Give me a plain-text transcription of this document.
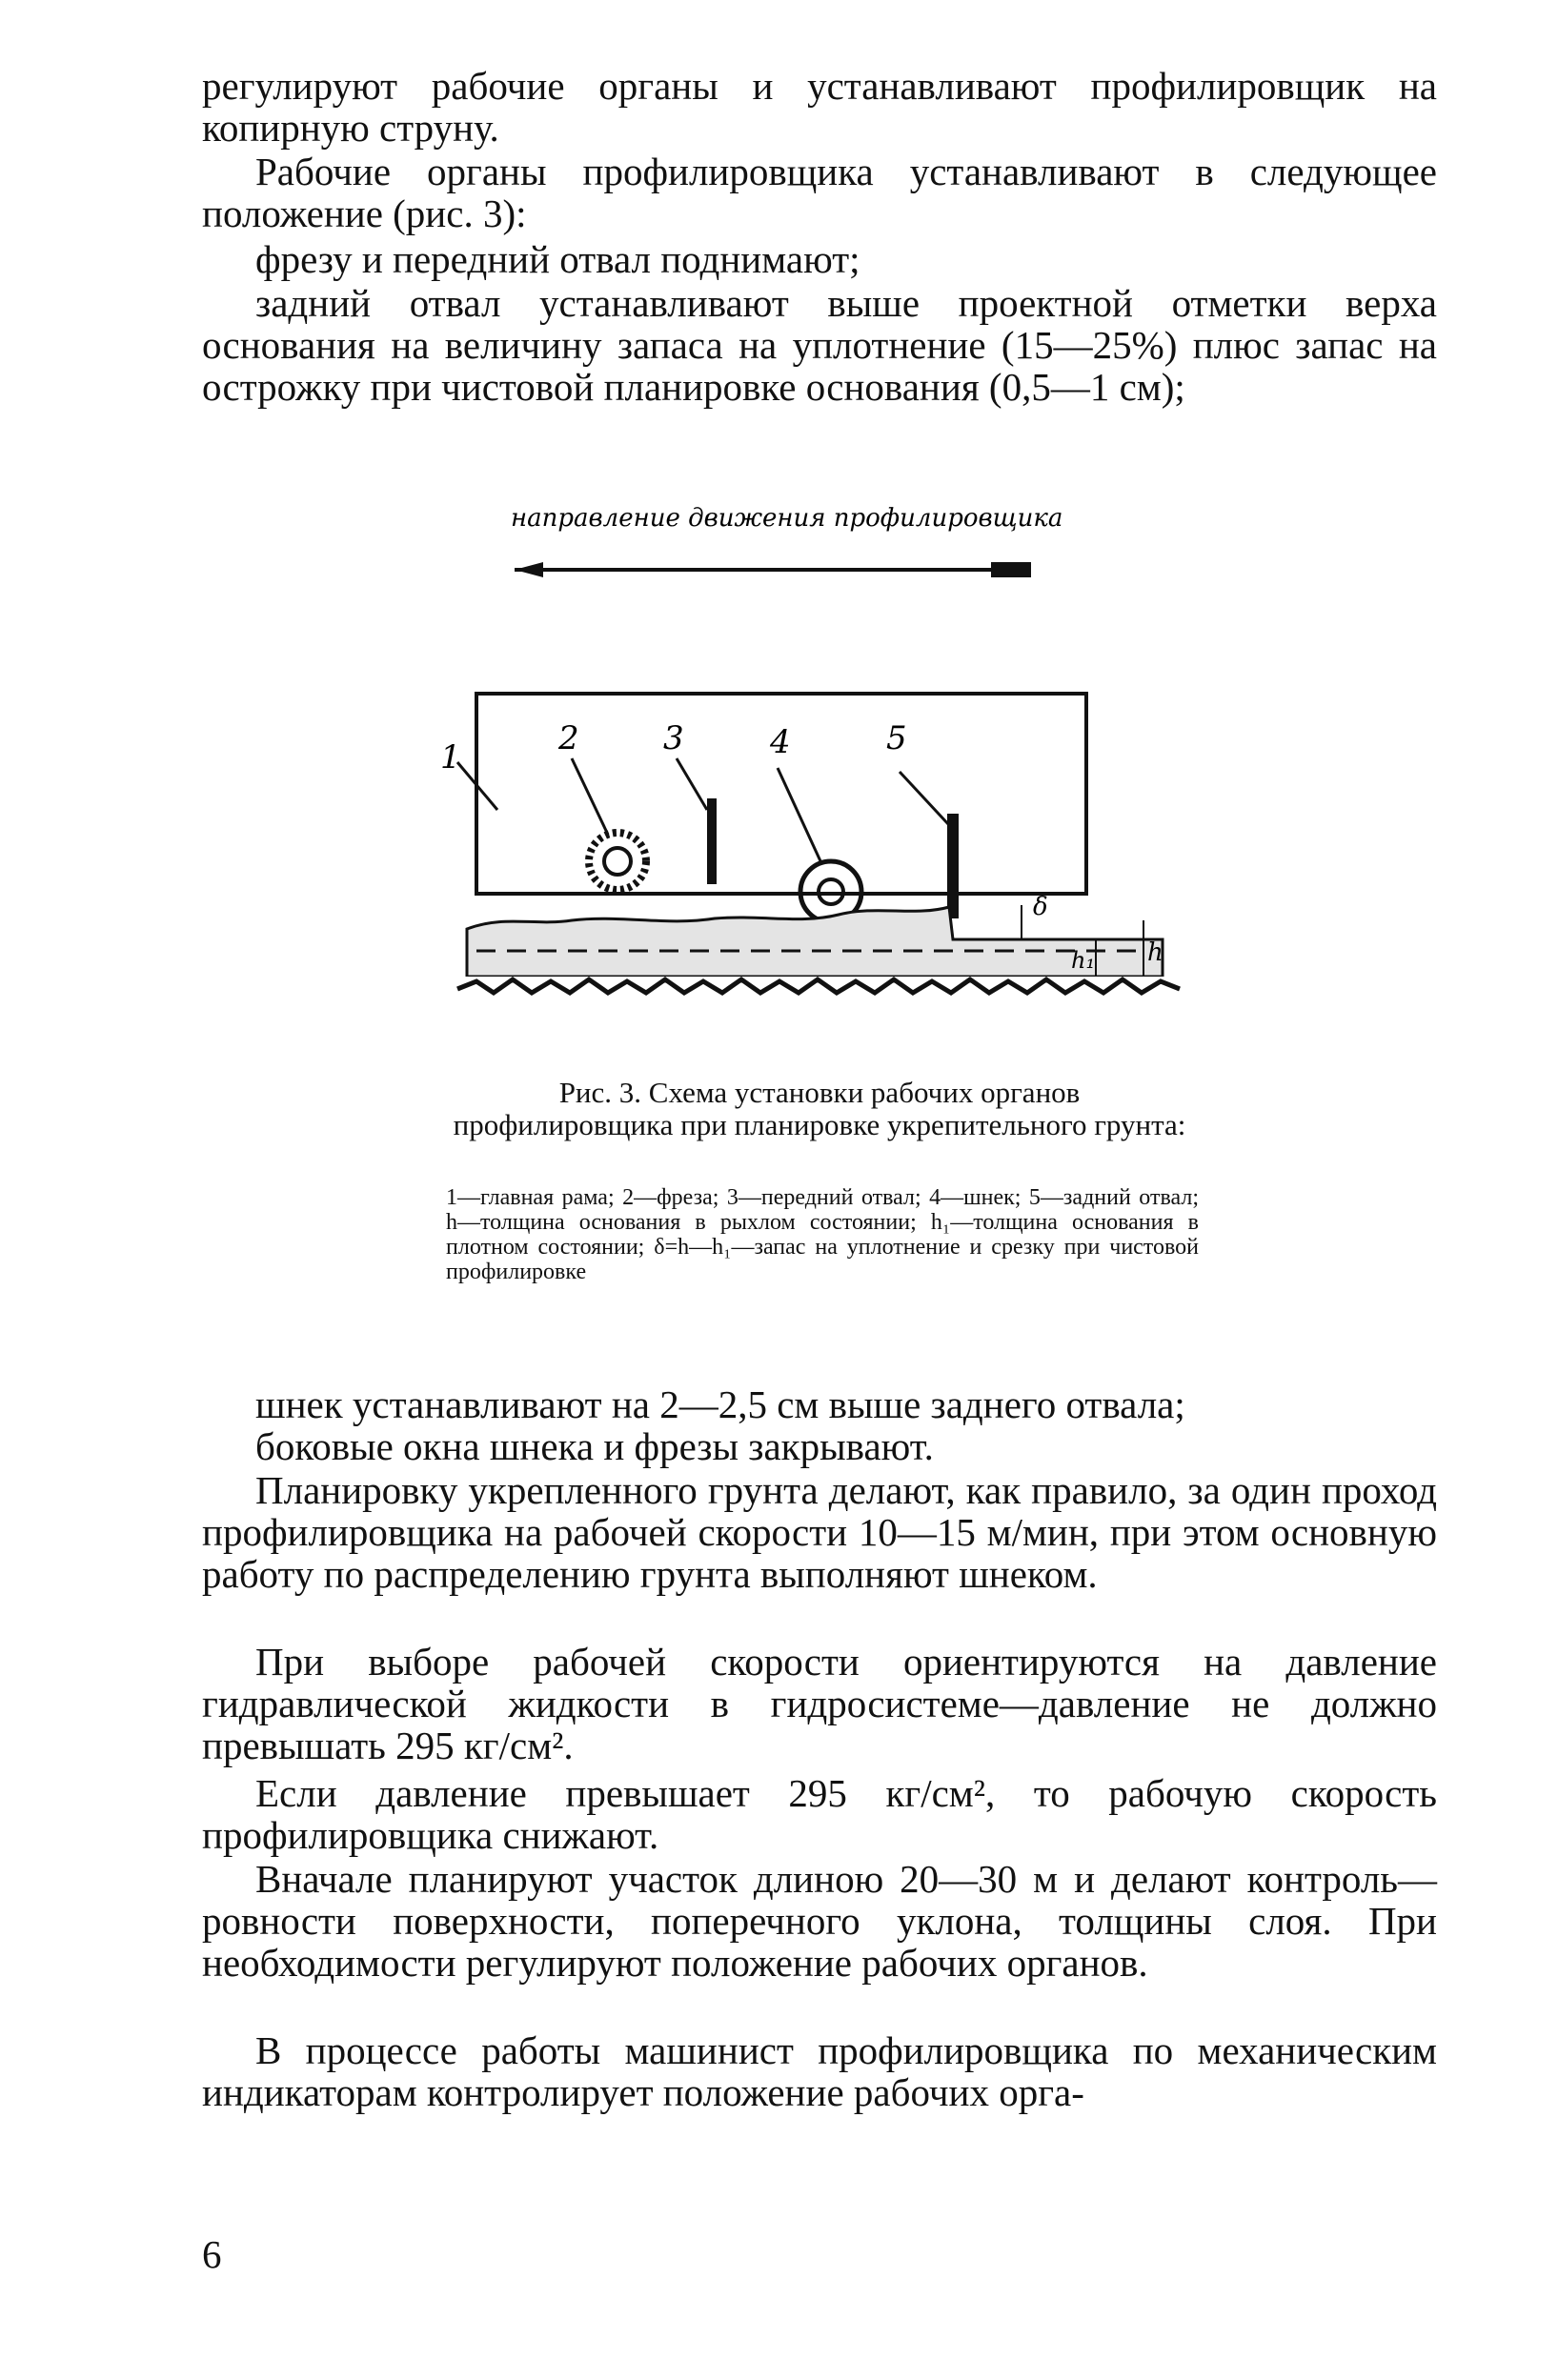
регулируют рабочие органы и устанавливают профилировщик на копирную струну.

Рабочие органы профилировщика устанавливают в следующее положение (рис. 3):

фрезу и передний отвал поднимают;

задний отвал устанавливают выше проектной отметки верха основания на величину запаса на уплотнение (15—25%) плюс запас на острожку при чистовой планировке основания (0,5—1 см);

направление движения профилировщика
1	2	3	4	5
δ
h₁ h

Рис. 3. Схема установки рабочих органов профилировщика при планировке укрепительного грунта:

1—главная рама; 2—фреза; 3—передний отвал; 4—шнек; 5—задний отвал; h—толщина основания в рыхлом состоянии; h₁—толщина основания в плотном состоянии; δ=h—h₁—запас на уплотнение и срезку при чистовой профилировке

шнек устанавливают на 2—2,5 см выше заднего отвала;

боковые окна шнека и фрезы закрывают.

Планировку укрепленного грунта делают, как правило, за один проход профилировщика на рабочей скорости 10—15 м/мин, при этом основную работу по распределению грунта выполняют шнеком.

При выборе рабочей скорости ориентируются на давление гидравлической жидкости в гидросистеме—давление не должно превышать 295 кг/см².

Если давление превышает 295 кг/см², то рабочую скорость профилировщика снижают.

Вначале планируют участок длиною 20—30 м и делают контроль—ровности поверхности, поперечного уклона, толщины слоя. При необходимости регулируют положение рабочих органов.

В процессе работы машинист профилировщика по механическим индикаторам контролирует положение рабочих орга-

6
